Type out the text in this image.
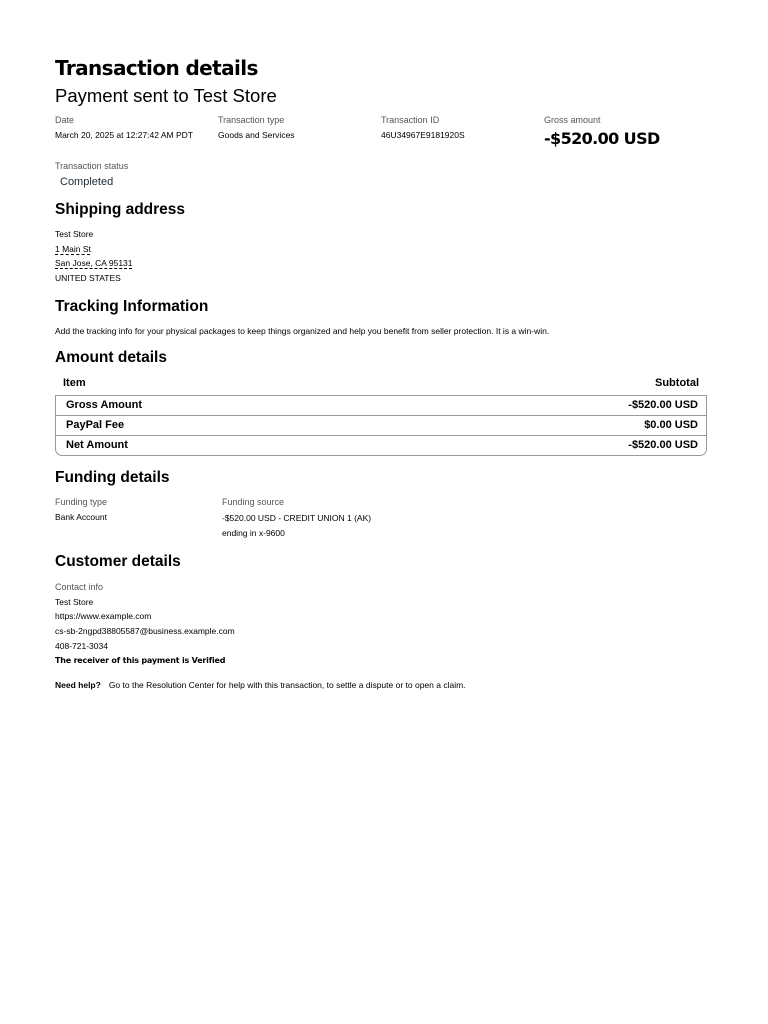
Transaction details
Payment sent to Test Store
Date
March 20, 2025 at 12:27:42 AM PDT
Transaction type
Goods and Services
Transaction ID
46U34967E9181920S
Gross amount
-$520.00 USD
Transaction status
Completed
Shipping address
Test Store
1 Main St
San Jose, CA 95131
UNITED STATES
Tracking Information
Add the tracking info for your physical packages to keep things organized and help you benefit from seller protection. It is a win-win.
Amount details
Item	Subtotal
Gross Amount	-$520.00 USD
PayPal Fee	$0.00 USD
Net Amount	-$520.00 USD
Funding details
Funding type
Bank Account
Funding source
-$520.00 USD - CREDIT UNION 1 (AK) ending in x-9600
Customer details
Contact info
Test Store
https://www.example.com
cs-sb-2ngpd38805587@business.example.com
408-721-3034
The receiver of this payment is Verified
Need help? Go to the Resolution Center for help with this transaction, to settle a dispute or to open a claim.
